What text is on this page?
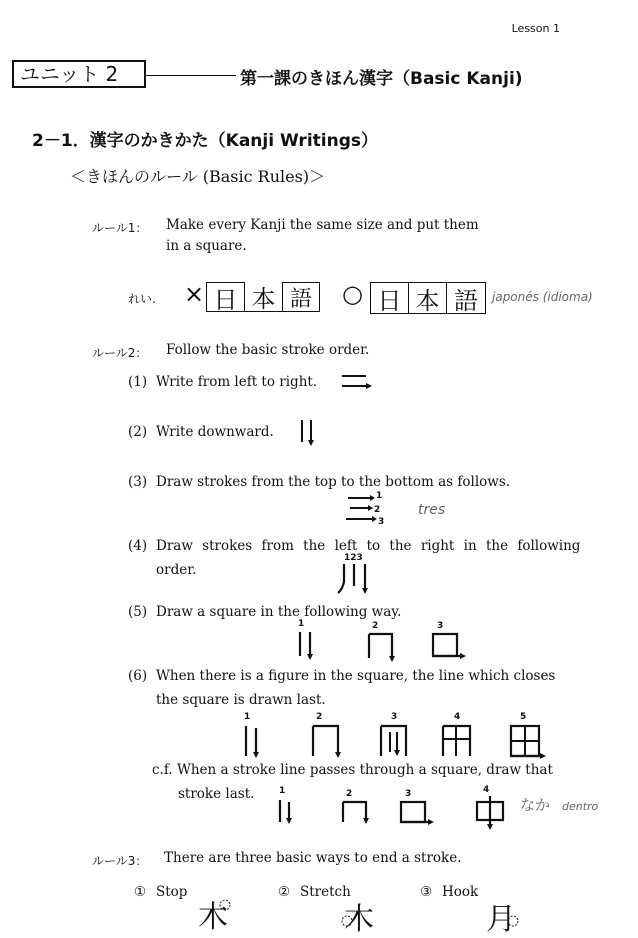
Lesson 1
ユニット 2	第一課のきほん漢字（Basic Kanji)
2－1．漢字のかきかた（Kanji Writings）
＜きほんのルール (Basic Rules)＞
ルール1： Make every Kanji the same size and put them
in a square.
れい. × 日 本 語	○ 日 本 語	japonés (idioma)
ルール2： Follow the basic stroke order.
(1) Write from left to right.
(2) Write downward.
(3) Draw strokes from the top to the bottom as follows.
1
2
3
tres
(4) Draw strokes from the left to the right in the following
order.
123
(5) Draw a square in the following way.
1	2	3
(6) When there is a figure in the square, the line which closes
the square is drawn last.
1	2	3	4	5
c.f. When a stroke line passes through a square, draw that
stroke last.	1	2	3	4
なか dentro
ルール3： There are three basic ways to end a stroke.
① Stop
木
② Stretch
木
③ Hook
月
